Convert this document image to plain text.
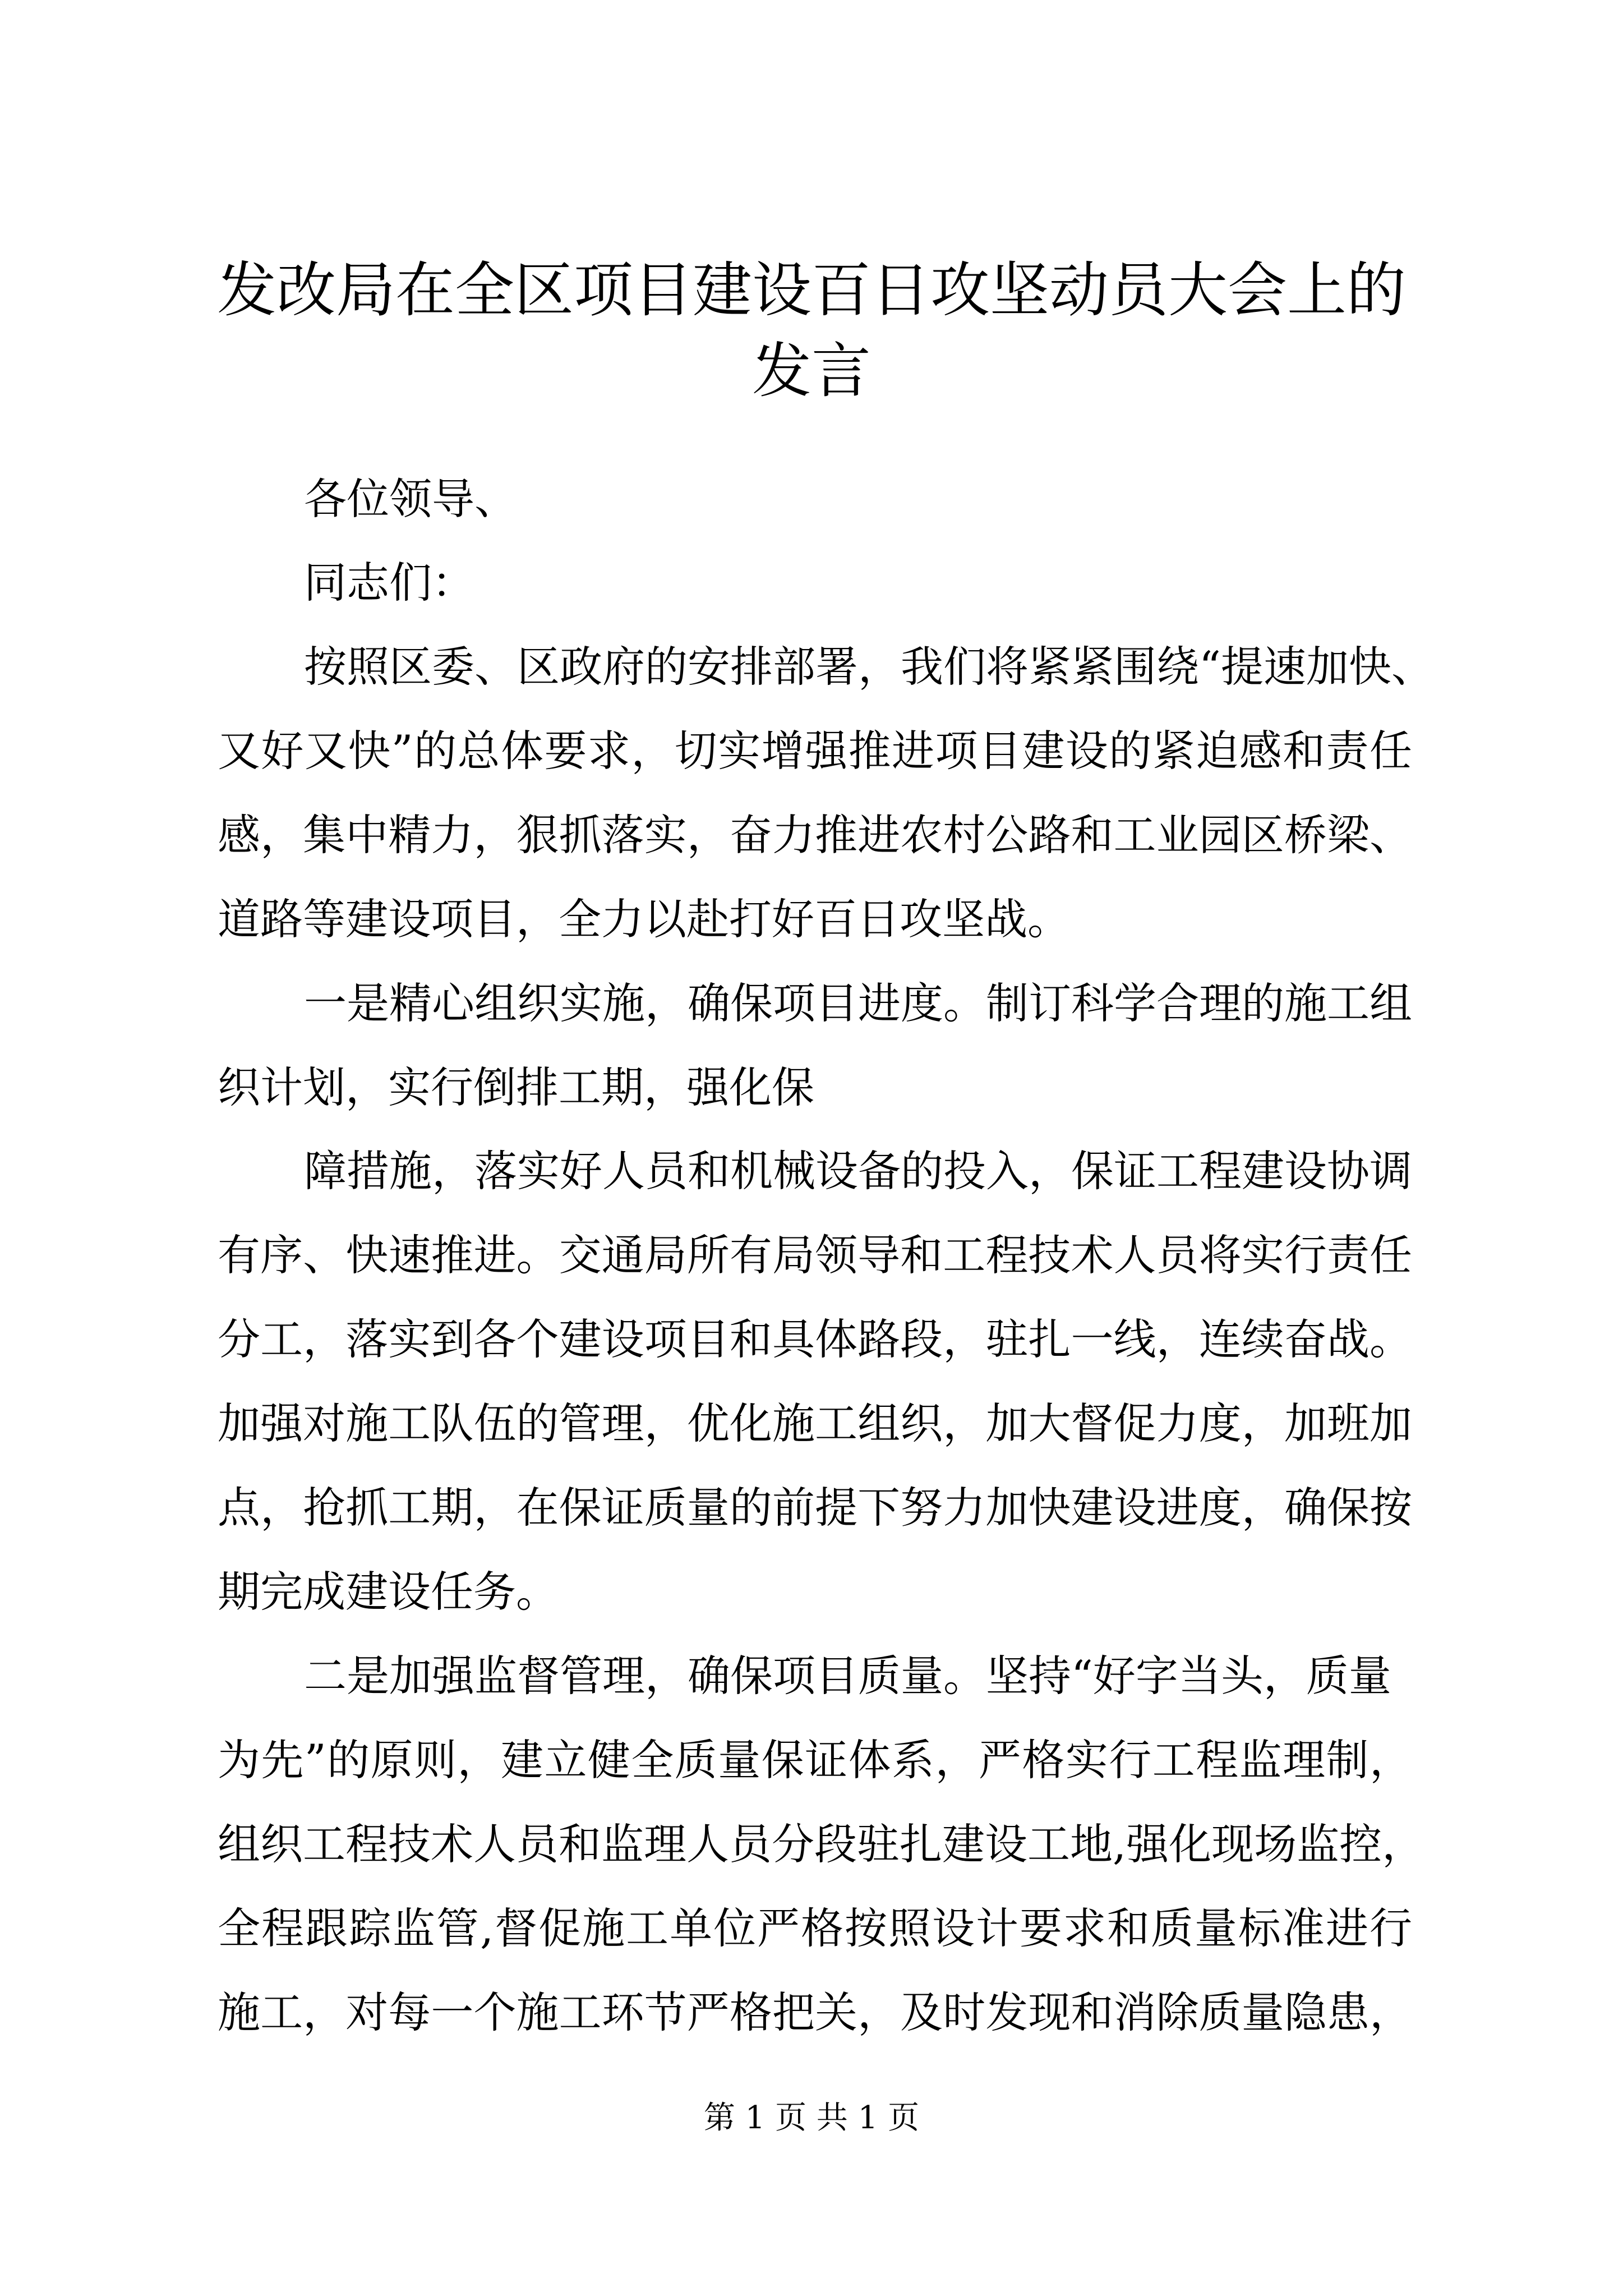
发改局在全区项目建设百日攻坚动员大会上的
发言
各位领导、
同志们：
按照区委、区政府的安排部署，我们将紧紧围绕“提速加快、
又好又快”的总体要求，切实增强推进项目建设的紧迫感和责任
感，集中精力，狠抓落实，奋力推进农村公路和工业园区桥梁、
道路等建设项目，全力以赴打好百日攻坚战。
一是精心组织实施，确保项目进度。制订科学合理的施工组
织计划，实行倒排工期，强化保
障措施，落实好人员和机械设备的投入，保证工程建设协调
有序、快速推进。交通局所有局领导和工程技术人员将实行责任
分工，落实到各个建设项目和具体路段，驻扎一线，连续奋战。
加强对施工队伍的管理，优化施工组织，加大督促力度，加班加
点，抢抓工期，在保证质量的前提下努力加快建设进度，确保按
期完成建设任务。
二是加强监督管理，确保项目质量。坚持“好字当头，质量
为先”的原则，建立健全质量保证体系，严格实行工程监理制，
组织工程技术人员和监理人员分段驻扎建设工地,强化现场监控，
全程跟踪监管,督促施工单位严格按照设计要求和质量标准进行
施工，对每一个施工环节严格把关，及时发现和消除质量隐患，
第 1 页 共 1 页
